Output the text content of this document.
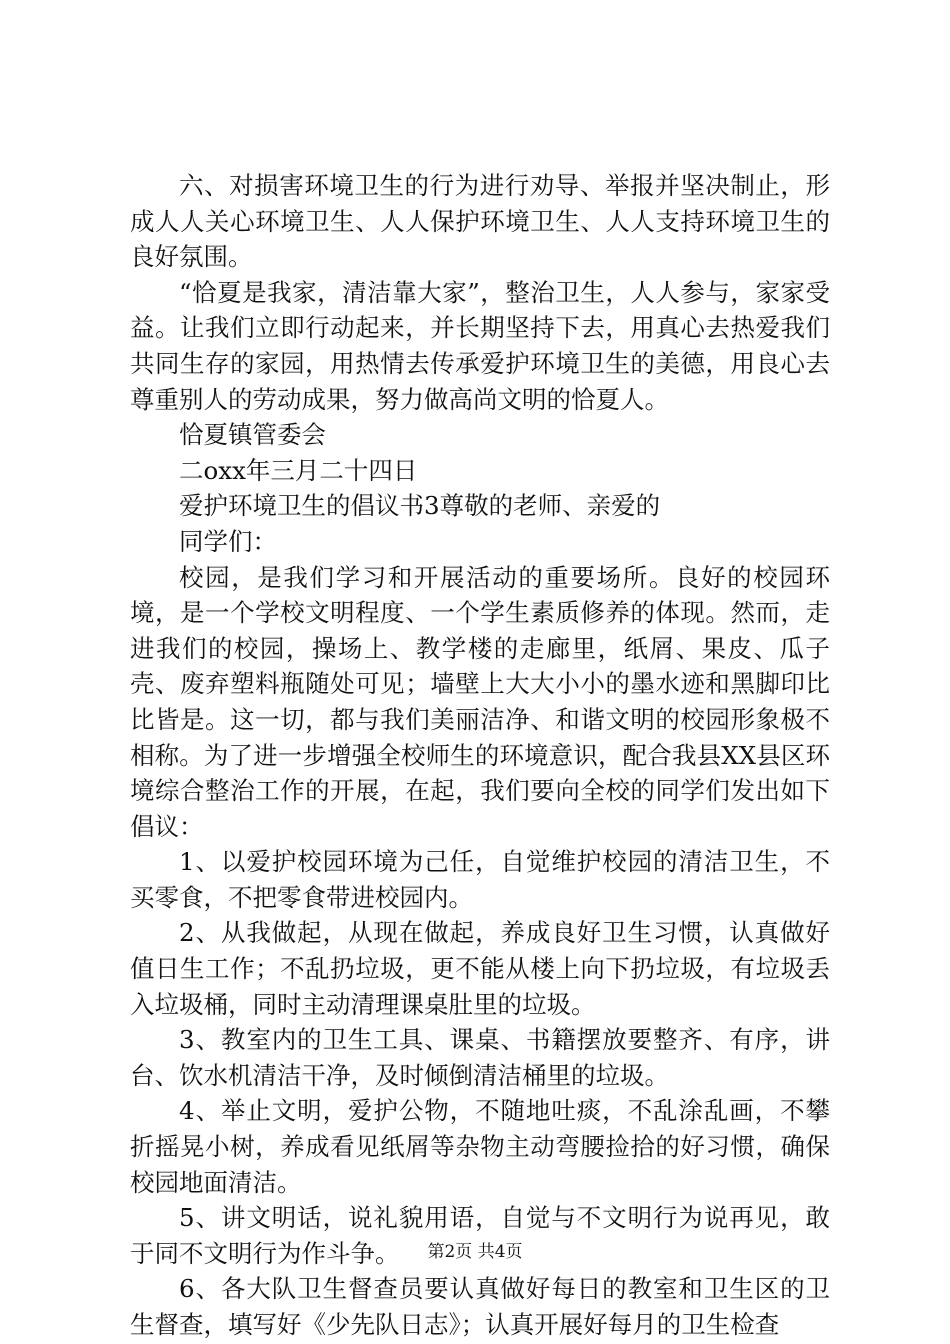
六、对损害环境卫生的行为进行劝导、举报并坚决制止，形成人人关心环境卫生、人人保护环境卫生、人人支持环境卫生的良好氛围。

“恰夏是我家，清洁靠大家”，整治卫生，人人参与，家家受益。让我们立即行动起来，并长期坚持下去，用真心去热爱我们共同生存的家园，用热情去传承爱护环境卫生的美德，用良心去尊重别人的劳动成果，努力做高尚文明的恰夏人。

恰夏镇管委会

二oxx年三月二十四日

爱护环境卫生的倡议书3尊敬的老师、亲爱的

同学们：

校园，是我们学习和开展活动的重要场所。良好的校园环境，是一个学校文明程度、一个学生素质修养的体现。然而，走进我们的校园，操场上、教学楼的走廊里，纸屑、果皮、瓜子壳、废弃塑料瓶随处可见；墙壁上大大小小的墨水迹和黑脚印比比皆是。这一切，都与我们美丽洁净、和谐文明的校园形象极不相称。为了进一步增强全校师生的环境意识，配合我县XX县区环境综合整治工作的开展，在起，我们要向全校的同学们发出如下倡议：

1、以爱护校园环境为己任，自觉维护校园的清洁卫生，不买零食，不把零食带进校园内。

2、从我做起，从现在做起，养成良好卫生习惯，认真做好值日生工作；不乱扔垃圾，更不能从楼上向下扔垃圾，有垃圾丢入垃圾桶，同时主动清理课桌肚里的垃圾。

3、教室内的卫生工具、课桌、书籍摆放要整齐、有序，讲台、饮水机清洁干净，及时倾倒清洁桶里的垃圾。

4、举止文明，爱护公物，不随地吐痰，不乱涂乱画，不攀折摇晃小树，养成看见纸屑等杂物主动弯腰捡拾的好习惯，确保校园地面清洁。

5、讲文明话，说礼貌用语，自觉与不文明行为说再见，敢于同不文明行为作斗争。

6、各大队卫生督查员要认真做好每日的教室和卫生区的卫生督查，填写好《少先队日志》；认真开展好每月的卫生检查

第2页 共4页
